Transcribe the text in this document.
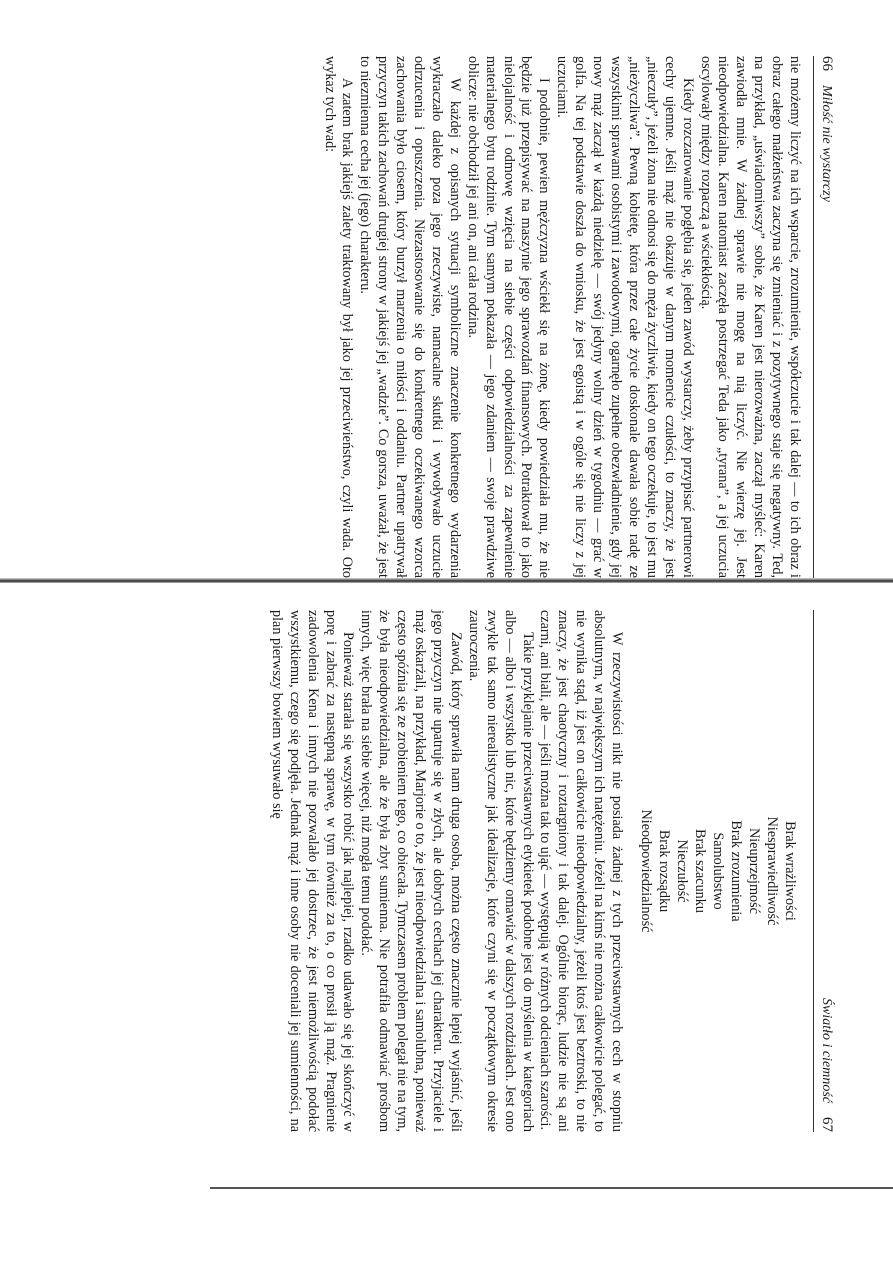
66
Miłość nie wystarczy

nie możemy liczyć na ich wsparcie, zrozumienie, współczucie i tak dalej — to ich obraz i obraz całego małżeństwa zaczyna się zmieniać i z pozytywnego staje się negatywny. Ted, na przykład, „uświadomiwszy” sobie, że Karen jest nierozważna, zaczął myśleć: Karen zawiodła mnie. W żadnej sprawie nie mogę na nią liczyć. Nie wierzę jej. Jest nieodpowiedzialna. Karen natomiast zaczęła postrzegać Teda jako „tyrana”, a jej uczucia oscylowały między rozpaczą a wściekłością.

Kiedy rozczarowanie pogłębia się, jeden zawód wystarczy, żeby przypisać partnerowi cechy ujemne. Jeśli mąż nie okazuje w danym momencie czułości, to znaczy, że jest „nieczuły”, jeżeli żona nie odnosi się do męża życzliwie, kiedy on tego oczekuje, to jest mu „nieżyczliwa”. Pewną kobietę, która przez całe życie doskonale dawała sobie radę ze wszystkimi sprawami osobistymi i zawodowymi, ogarnęło zupełne obezwładnienie, gdy jej nowy mąż zaczął w każdą niedzielę — swój jedyny wolny dzień w tygodniu — grać w golfa. Na tej podstawie doszła do wniosku, że jest egoistą i w ogóle się nie liczy z jej uczuciami.

I podobnie, pewien mężczyzna wściekł się na żonę, kiedy powiedziała mu, że nie będzie już przepisywać na maszynie jego sprawozdań finansowych. Potraktował to jako nielojalność i odmowę wzięcia na siebie części odpowiedzialności za zapewnienie materialnego bytu rodzinie. Tym samym pokazała — jego zdaniem — swoje prawdziwe oblicze: nie obchodził jej ani on, ani cała rodzina.

W każdej z opisanych sytuacji symboliczne znaczenie konkretnego wydarzenia wykraczało daleko poza jego rzeczywiste, namacalne skutki i wywoływało uczucie odrzucenia i opuszczenia. Niezastosowanie się do konkretnego oczekiwanego wzorca zachowania było ciosem, który burzył marzenia o miłości i oddaniu. Partner upatrywał przyczyn takich zachowań drugiej strony w jakiejś jej „wadzie”. Co gorsza, uważał, że jest to niezmienna cecha jej (jego) charakteru.

A zatem brak jakiejś zalety traktowany był jako jej przeciwieństwo, czyli wada. Oto wykaz tych wad:

Światło i ciemność
67
Brak wrażliwości
Niesprawiedliwość
Nieuprzejmość
Brak zrozumienia
Samolubstwo
Brak szacunku
Nieczułość
Brak rozsądku
Nieodpowiedzialność

W rzeczywistości nikt nie posiada żadnej z tych przeciwstawnych cech w stopniu absolutnym, w największym ich natężeniu. Jeżeli na kimś nie można całkowicie polegać, to nie wynika stąd, iż jest on całkowicie nieodpowiedzialny, jeżeli ktoś jest beztroski, to nie znaczy, że jest chaotyczny i roztargniony i tak dalej. Ogólnie biorąc, ludzie nie są ani czarni, ani biali, ale — jeśli można tak to ująć — występują w różnych odcieniach szarości.

Takie przyklejanie przeciwstawnych etykietek podobne jest do myślenia w kategoriach albo — albo i wszystko lub nic, które będziemy omawiać w dalszych rozdziałach. Jest ono zwykle tak samo nierealistyczne jak idealizacje, które czyni się w początkowym okresie zauroczenia.

Zawód, który sprawiła nam druga osoba, można często znacznie lepiej wyjaśnić, jeśli jego przyczyn nie upatruje się w złych, ale dobrych cechach jej charakteru. Przyjaciele i mąż oskarżali, na przykład, Marjorie o to, że jest nieodpowiedzialna i samolubna, ponieważ często spóźnia się ze zrobieniem tego, co obiecała. Tymczasem problem polegał nie na tym, że była nieodpowiedzialna, ale że była zbyt sumienna. Nie potrafiła odmawiać prośbom innych, więc brała na siebie więcej, niż mogła temu podołać.

Ponieważ starała się wszystko robić jak najlepiej, rzadko udawało się jej skończyć w porę i zabrać za następną sprawę, w tym również za to, o co prosił ją mąż. Pragnienie zadowolenia Kena i innych nie pozwalało jej dostrzec, że jest niemożliwością podołać wszystkiemu, czego się podjęła. Jednak mąż i inne osoby nie doceniali jej sumienności, na plan pierwszy bowiem wysuwało się
